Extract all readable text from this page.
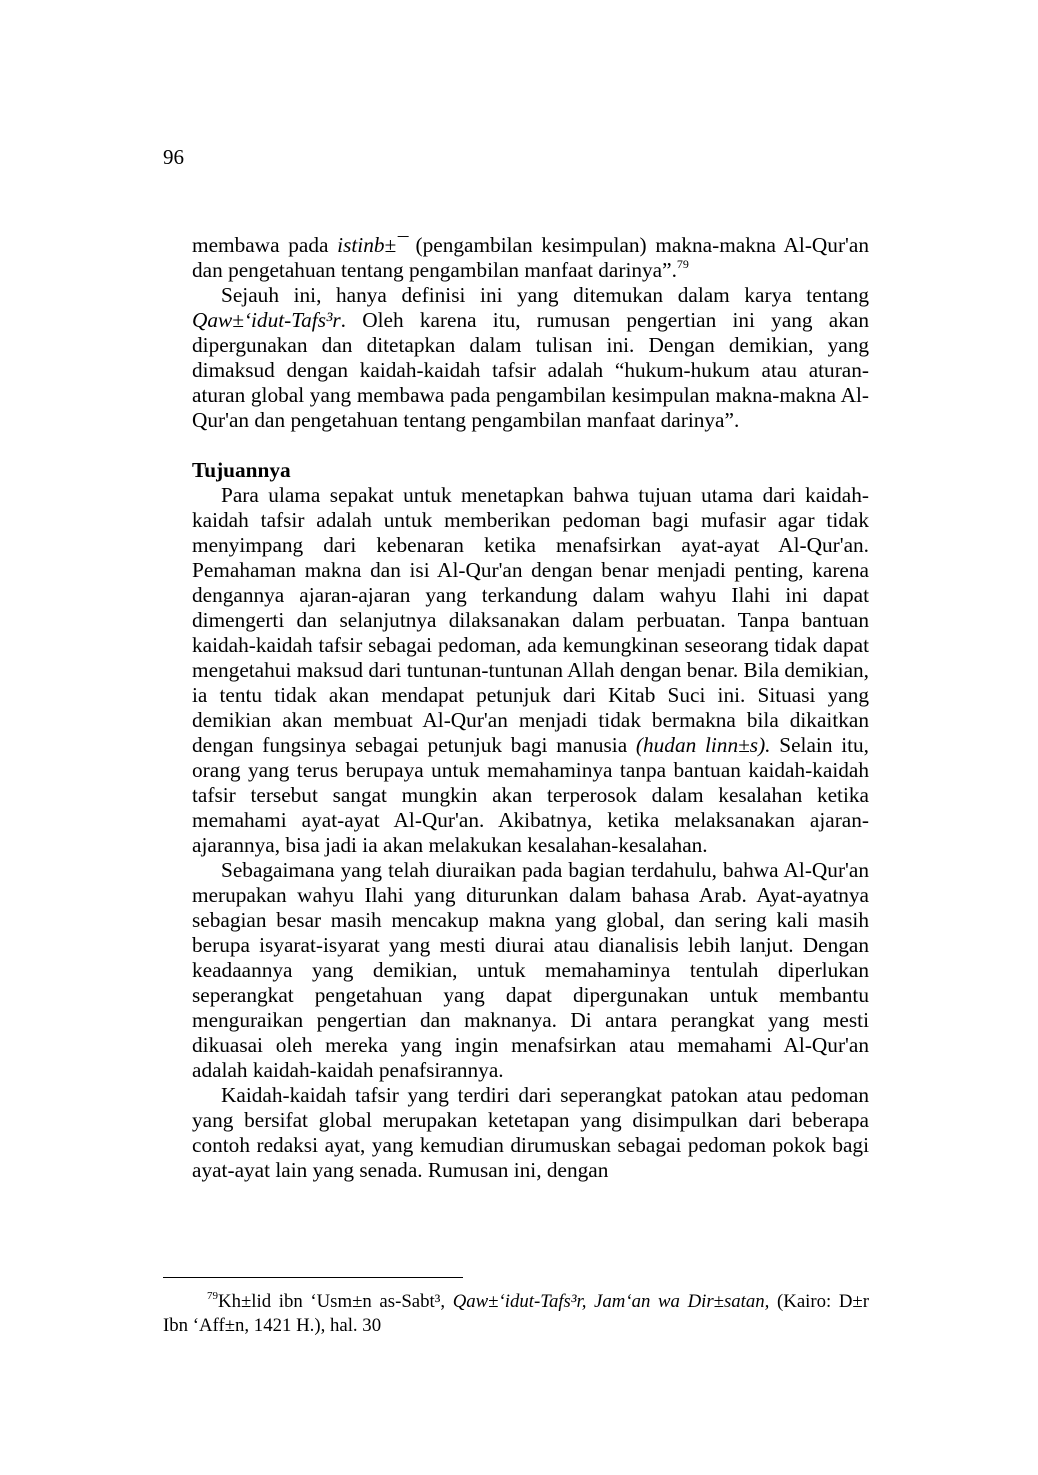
96

membawa pada istinb±¯ (pengambilan kesimpulan) makna-makna Al-Qur'an dan pengetahuan tentang pengambilan manfaat darinya”.$^{79}$

Sejauh ini, hanya definisi ini yang ditemukan dalam karya tentang Qaw±‘idut-Tafs³r. Oleh karena itu, rumusan pengertian ini yang akan dipergunakan dan ditetapkan dalam tulisan ini. Dengan demikian, yang dimaksud dengan kaidah-kaidah tafsir adalah “hukum-hukum atau aturan-aturan global yang membawa pada pengambilan kesimpulan makna-makna Al-Qur'an dan pengetahuan tentang pengambilan manfaat darinya”.

Tujuannya

Para ulama sepakat untuk menetapkan bahwa tujuan utama dari kaidah-kaidah tafsir adalah untuk memberikan pedoman bagi mufasir agar tidak menyimpang dari kebenaran ketika menafsirkan ayat-ayat Al-Qur'an. Pemahaman makna dan isi Al-Qur'an dengan benar menjadi penting, karena dengannya ajaran-ajaran yang terkandung dalam wahyu Ilahi ini dapat dimengerti dan selanjutnya dilaksanakan dalam perbuatan. Tanpa bantuan kaidah-kaidah tafsir sebagai pedoman, ada kemungkinan seseorang tidak dapat mengetahui maksud dari tuntunan-tuntunan Allah dengan benar. Bila demikian, ia tentu tidak akan mendapat petunjuk dari Kitab Suci ini. Situasi yang demikian akan membuat Al-Qur'an menjadi tidak bermakna bila dikaitkan dengan fungsinya sebagai petunjuk bagi manusia (hudan linn±s). Selain itu, orang yang terus berupaya untuk memahaminya tanpa bantuan kaidah-kaidah tafsir tersebut sangat mungkin akan terperosok dalam kesalahan ketika memahami ayat-ayat Al-Qur'an. Akibatnya, ketika melaksanakan ajaran-ajarannya, bisa jadi ia akan melakukan kesalahan-kesalahan.

Sebagaimana yang telah diuraikan pada bagian terdahulu, bahwa Al-Qur'an merupakan wahyu Ilahi yang diturunkan dalam bahasa Arab. Ayat-ayatnya sebagian besar masih mencakup makna yang global, dan sering kali masih berupa isyarat-isyarat yang mesti diurai atau dianalisis lebih lanjut. Dengan keadaannya yang demikian, untuk memahaminya tentulah diperlukan seperangkat pengetahuan yang dapat dipergunakan untuk membantu menguraikan pengertian dan maknanya. Di antara perangkat yang mesti dikuasai oleh mereka yang ingin menafsirkan atau memahami Al-Qur'an adalah kaidah-kaidah penafsirannya.

Kaidah-kaidah tafsir yang terdiri dari seperangkat patokan atau pedoman yang bersifat global merupakan ketetapan yang disimpulkan dari beberapa contoh redaksi ayat, yang kemudian dirumuskan sebagai pedoman pokok bagi ayat-ayat lain yang senada. Rumusan ini, dengan

$^{79}$Kh±lid ibn ‘Usm±n as-Sabt³, Qaw±‘idut-Tafs³r, Jam‘an wa Dir±satan, (Kairo: D±r Ibn ‘Aff±n, 1421 H.), hal. 30
